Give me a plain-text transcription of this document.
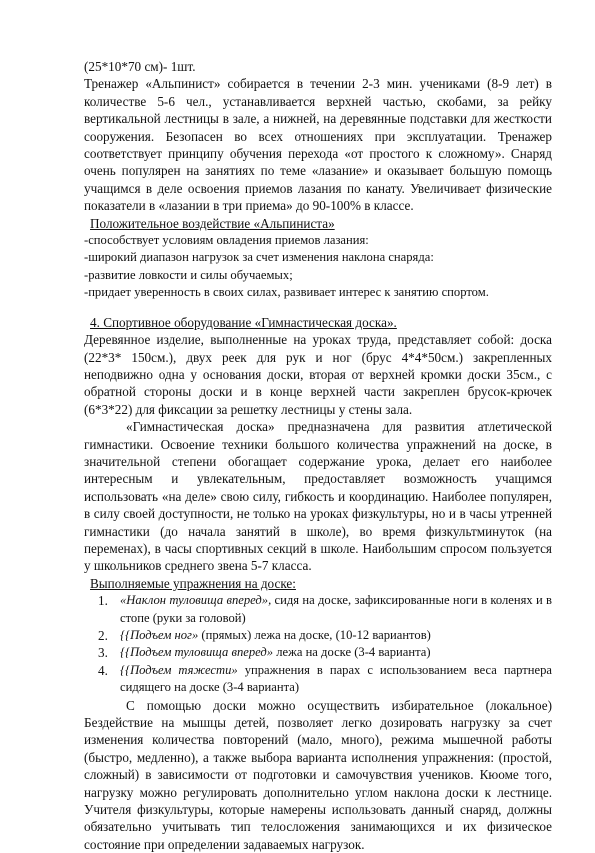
(25*10*70 см)- 1шт.

Тренажер «Альпинист» собирается в течении 2-3 мин. учениками (8-9 лет) в количестве 5-6 чел., устанавливается верхней частью, скобами, за рейку вертикальной лестницы в зале, а нижней, на деревянные подставки для жесткости сооружения. Безопасен во всех отношениях при эксплуатации. Тренажер соответствует принципу обучения перехода «от простого к сложному». Снаряд очень популярен на занятиях по теме «лазание» и оказывает большую помощь учащимся в деле освоения приемов лазания по канату. Увеличивает физические показатели в «лазании в три приема» до 90-100% в классе.

Положительное воздействие «Альпиниста»

-способствует условиям овладения приемов лазания:

-широкий диапазон нагрузок за счет изменения наклона снаряда:

-развитие ловкости и силы обучаемых;

-придает уверенность в своих силах, развивает интерес к занятию спортом.

4. Спортивное оборудование «Гимнастическая доска».

Деревянное изделие, выполненные на уроках труда, представляет собой: доска (22*3* 150см.), двух реек для рук и ног (брус 4*4*50см.) закрепленных неподвижно одна у основания доски, вторая от верхней кромки доски 35см., с обратной стороны доски и в конце верхней части закреплен брусок-крючек (6*3*22) для фиксации за решетку лестницы у стены зала.

«Гимнастическая доска» предназначена для развития атлетической гимнастики. Освоение техники большого количества упражнений на доске, в значительной степени обогащает содержание урока, делает его наиболее интересным и увлекательным, предоставляет возможность учащимся использовать «на деле» свою силу, гибкость и координацию. Наиболее популярен, в силу своей доступности, не только на уроках физкультуры, но и в часы утренней гимнастики (до начала занятий в школе), во время физкультминуток (на переменах), в часы спортивных секций в школе. Наибольшим спросом пользуется у школьников среднего звена 5-7 класса.

Выполняемые упражнения на доске:

1. «Наклон туловища вперед», сидя на доске, зафиксированные ноги в коленях и в стопе (руки за головой)
2. {{Подъем ног» (прямых) лежа на доске, (10-12 вариантов)
3. {{Подъем туловища вперед» лежа на доске (3-4 варианта)
4. {{Подъем тяжести» упражнения в парах с использованием веса партнера сидящего на доске (3-4 варианта)

С помощью доски можно осуществить избирательное (локальное) Бездействие на мышцы детей, позволяет легко дозировать нагрузку за счет изменения количества повторений (мало, много), режима мышечной работы (быстро, медленно), а также выбора варианта исполнения упражнения: (простой, сложный) в зависимости от подготовки и самочувствия учеников. Кюоме того, нагрузку можно регулировать дополнительно углом наклона доски к лестнице. Учителя физкультуры, которые намерены использовать данный снаряд, должны обязательно учитывать тип телосложения занимающихся и их физическое состояние при определении задаваемых нагрузок.
